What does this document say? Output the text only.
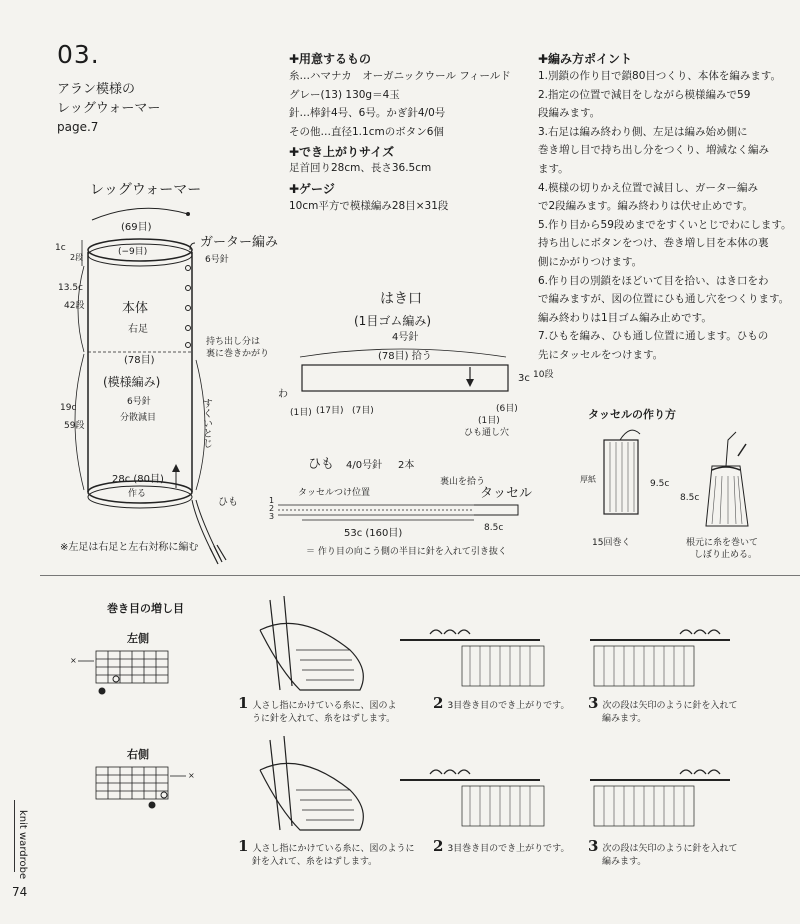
03.
アラン模様の
レッグウォーマー
page.7
✚用意するもの
糸…ハマナカ　オーガニックウール フィールド
グレー(13) 130g＝4玉
針…棒針4号、6号。かぎ針4/0号
その他…直径1.1cmのボタン6個
✚でき上がりサイズ
足首回り28cm、長さ36.5cm
✚ゲージ
10cm平方で模様編み28目×31段
✚編み方ポイント
1.別鎖の作り目で鎖80目つくり、本体を編みます。
2.指定の位置で減目をしながら模様編みで59
段編みます。
3.右足は編み終わり側、左足は編み始め側に
巻き増し目で持ち出し分をつくり、増減なく編み
ます。
4.模様の切りかえ位置で減目し、ガーター編み
で2段編みます。編み終わりは伏せ止めです。
5.作り目から59段めまでをすくいとじでわにします。
持ち出しにボタンをつけ、巻き増し目を本体の裏
側にかがりつけます。
6.作り目の別鎖をほどいて目を拾い、はき口をわ
で編みますが、図の位置にひも通し穴をつくります。
編み終わりは1目ゴム編み止めです。
7.ひもを編み、ひも通し位置に通します。ひもの
先にタッセルをつけます。
レッグウォーマー
(69目)
(−9目)
ガーター編み
6号針
1c
2段
13.5c
42段
19c
59段
本体
右足
(78目)
(模様編み)
6号針
分散減目
持ち出し分は
裏に巻きかがり
すくいとじ
28c (80目)
作る
ひも
※左足は右足と左右対称に編む
はき口
(1目ゴム編み)
4号針
(78目) 拾う
3c 10段
わ
(1目) (17目) (7目)
(1目)
(6目)
ひも通し穴
ひも 4/0号針 2本
タッセルつけ位置
裏山を拾う
タッセル
1
2
3
8.5c
53c (160目)
＝ 作り目の向こう側の半目に針を入れて引き抜く
タッセルの作り方
厚紙	9.5c
15回巻く
8.5c
根元に糸を巻いて
しぼり止める。
巻き目の増し目
左側
右側
×
×
1 人さし指にかけている糸に、図のよ
うに針を入れて、糸をはずします。
2 3目巻き目のでき上がりです。 3 次の段は矢印のように針を入れて
編みます。
1 人さし指にかけている糸に、図のように
針を入れて、糸をはずします。
2 3目巻き目のでき上がりです。 3 次の段は矢印のように針を入れて
編みます。
knit wardrobe
74
